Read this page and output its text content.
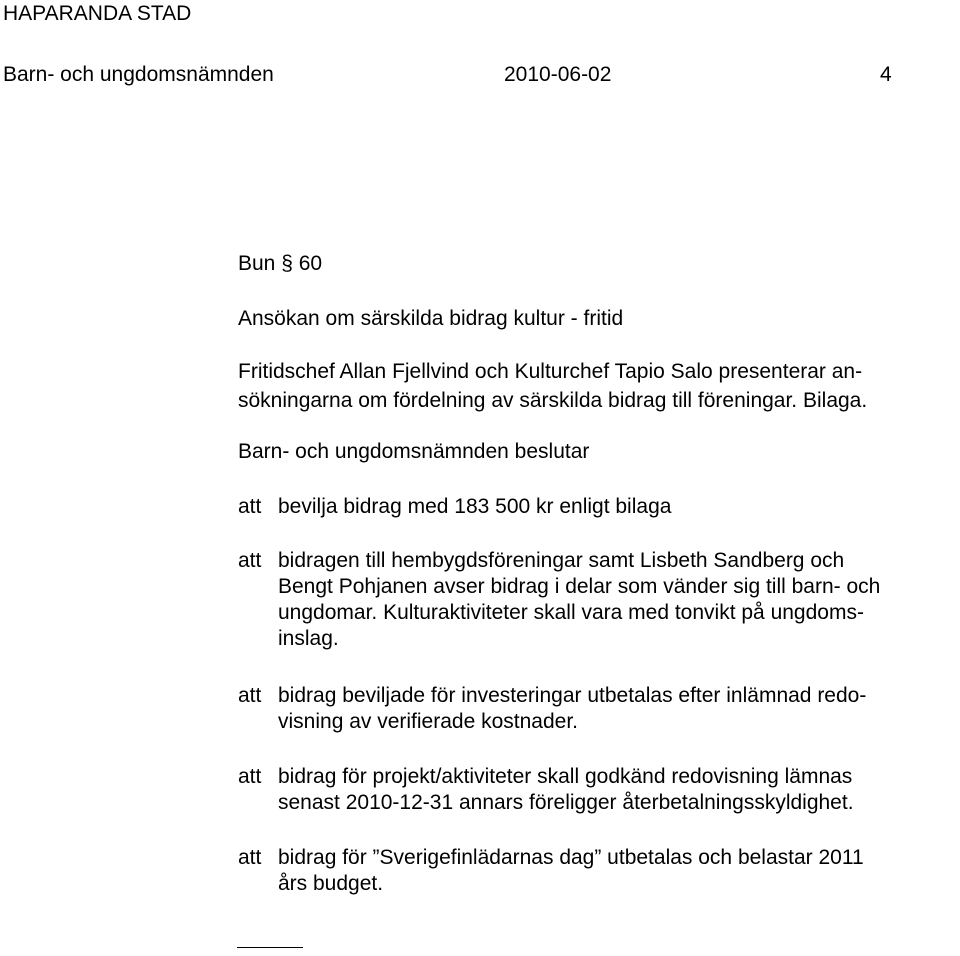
HAPARANDA STAD
Barn- och ungdomsnämnden	2010-06-02	4
Bun § 60
Ansökan om särskilda bidrag kultur - fritid
Fritidschef Allan Fjellvind och Kulturchef Tapio Salo presenterar an-
sökningarna om fördelning av särskilda bidrag till föreningar. Bilaga.
Barn- och ungdomsnämnden beslutar
att bevilja bidrag med 183 500 kr enligt bilaga
att bidragen till hembygdsföreningar samt Lisbeth Sandberg och
Bengt Pohjanen avser bidrag i delar som vänder sig till barn- och
ungdomar. Kulturaktiviteter skall vara med tonvikt på ungdoms-
inslag.
att bidrag beviljade för investeringar utbetalas efter inlämnad redo-
visning av verifierade kostnader.
att bidrag för projekt/aktiviteter skall godkänd redovisning lämnas
senast 2010-12-31 annars föreligger återbetalningsskyldighet.
att bidrag för ”Sverigefinlädarnas dag” utbetalas och belastar 2011
års budget.
